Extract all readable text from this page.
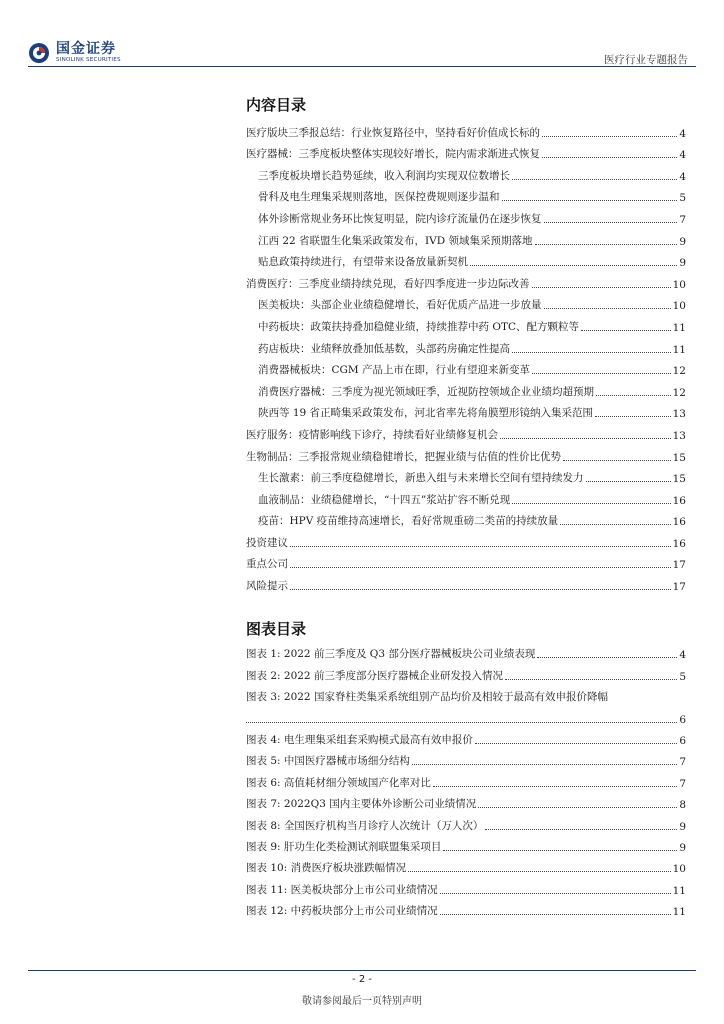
国金证券
SINOLINK SECURITIES	医疗行业专题报告
内容目录
医疗版块三季报总结：行业恢复路径中，坚持看好价值成长标的	4
医疗器械：三季度板块整体实现较好增长，院内需求渐进式恢复	4
三季度板块增长趋势延续，收入利润均实现双位数增长	4
骨科及电生理集采规则落地，医保控费规则逐步温和	5
体外诊断常规业务环比恢复明显，院内诊疗流量仍在逐步恢复	7
江西 22 省联盟生化集采政策发布，IVD 领域集采预期落地	9
贴息政策持续进行，有望带来设备放量新契机	9
消费医疗：三季度业绩持续兑现，看好四季度进一步边际改善	10
医美板块：头部企业业绩稳健增长，看好优质产品进一步放量	10
中药板块：政策扶持叠加稳健业绩，持续推荐中药 OTC、配方颗粒等	11
药店板块：业绩释放叠加低基数，头部药房确定性提高	11
消费器械板块：CGM 产品上市在即，行业有望迎来新变革	12
消费医疗器械：三季度为视光领域旺季，近视防控领域企业业绩均超预期	12
陕西等 19 省正畸集采政策发布，河北省率先将角膜塑形镜纳入集采范围	13
医疗服务：疫情影响线下诊疗，持续看好业绩修复机会	13
生物制品：三季报常规业绩稳健增长，把握业绩与估值的性价比优势	15
生长激素：前三季度稳健增长，新患入组与未来增长空间有望持续发力	15
血液制品：业绩稳健增长，“十四五”浆站扩容不断兑现	16
疫苗：HPV 疫苗维持高速增长，看好常规重磅二类苗的持续放量	16
投资建议	16
重点公司	17
风险提示	17
图表目录
图表 1: 2022 前三季度及 Q3 部分医疗器械板块公司业绩表现	4
图表 2: 2022 前三季度部分医疗器械企业研发投入情况	5
图表 3: 2022 国家脊柱类集采系统组别产品均价及相较于最高有效申报价降幅
6
图表 4: 电生理集采组套采购模式最高有效申报价	6
图表 5: 中国医疗器械市场细分结构	7
图表 6: 高值耗材细分领域国产化率对比	7
图表 7: 2022Q3 国内主要体外诊断公司业绩情况	8
图表 8: 全国医疗机构当月诊疗人次统计（万人次）	9
图表 9: 肝功生化类检测试剂联盟集采项目	9
图表 10: 消费医疗板块涨跌幅情况	10
图表 11: 医美板块部分上市公司业绩情况	11
图表 12: 中药板块部分上市公司业绩情况	11
- 2 -
敬请参阅最后一页特别声明
